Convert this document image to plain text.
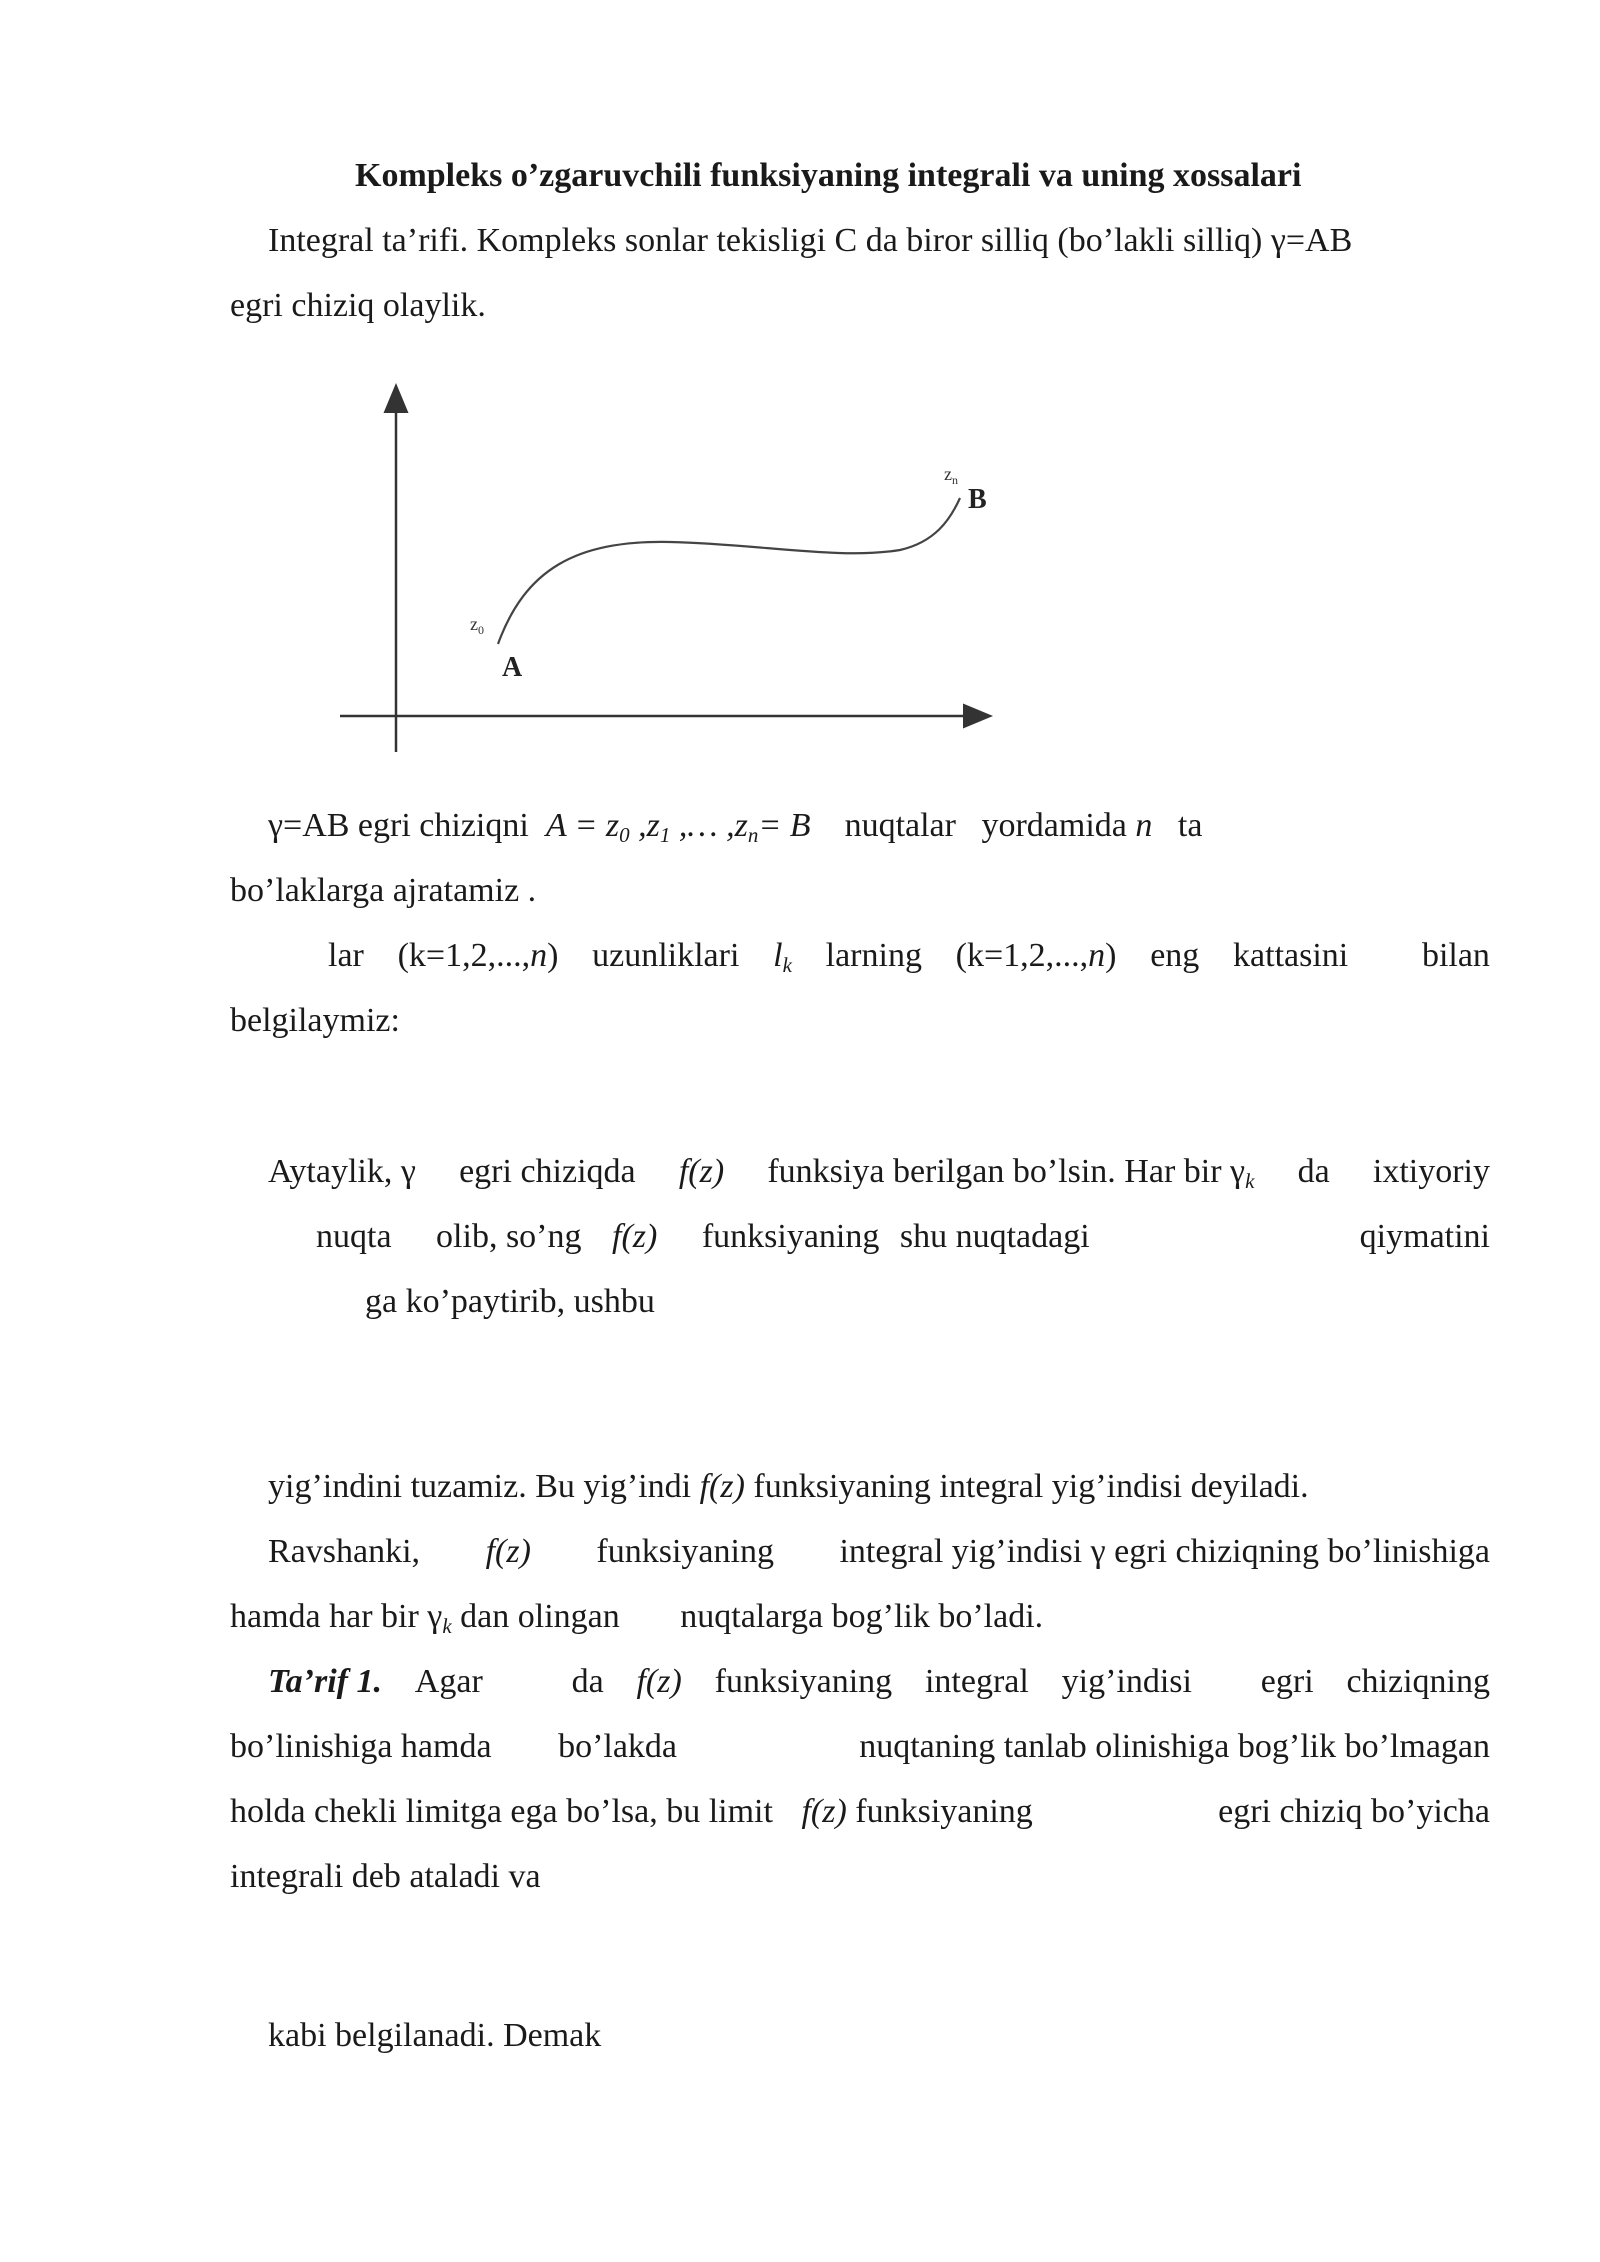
Kompleks o’zgaruvchili funksiyaning integrali va uning xossalari
Integral ta’rifi. Kompleks sonlar tekisligi C da biror silliq (bo’lakli silliq) γ=AB
egri chiziq olaylik.
$z_0$
A
$z_n$
B
γ=AB egri chiziqni $A = z_0$ $,z_1$ ,… $,z_n= B$ nuqtalar yordamida n ta
bo’laklarga ajratamiz .
lar (k=1,2,...,n) uzunliklari $l_k$ larning (k=1,2,...,n) eng kattasini bilan
belgilaymiz:
Aytaylik, γ egri chiziqda f(z) funksiya berilgan bo’lsin. Har bir $\gamma_k$ da ixtiyoriy
nuqta olib, so’ng f(z) funksiyaning shu nuqtadagi	qiymatini
ga ko’paytirib, ushbu
yig’indini tuzamiz. Bu yig’indi f(z) funksiyaning integral yig’indisi deyiladi.
Ravshanki, f(z) funksiyaning integral yig’indisi γ egri chiziqning bo’linishiga
hamda har bir $\gamma_k$ dan olingan nuqtalarga bog’lik bo’ladi.
Ta’rif 1. Agar	da f(z) funksiyaning integral yig’indisi egri chiziqning
bo’linishiga hamda bo’lakda	nuqtaning tanlab olinishiga bog’lik bo’lmagan
holda chekli limitga ega bo’lsa, bu limit f(z) funksiyaning	egri chiziq bo’yicha
integrali deb ataladi va
kabi belgilanadi. Demak
